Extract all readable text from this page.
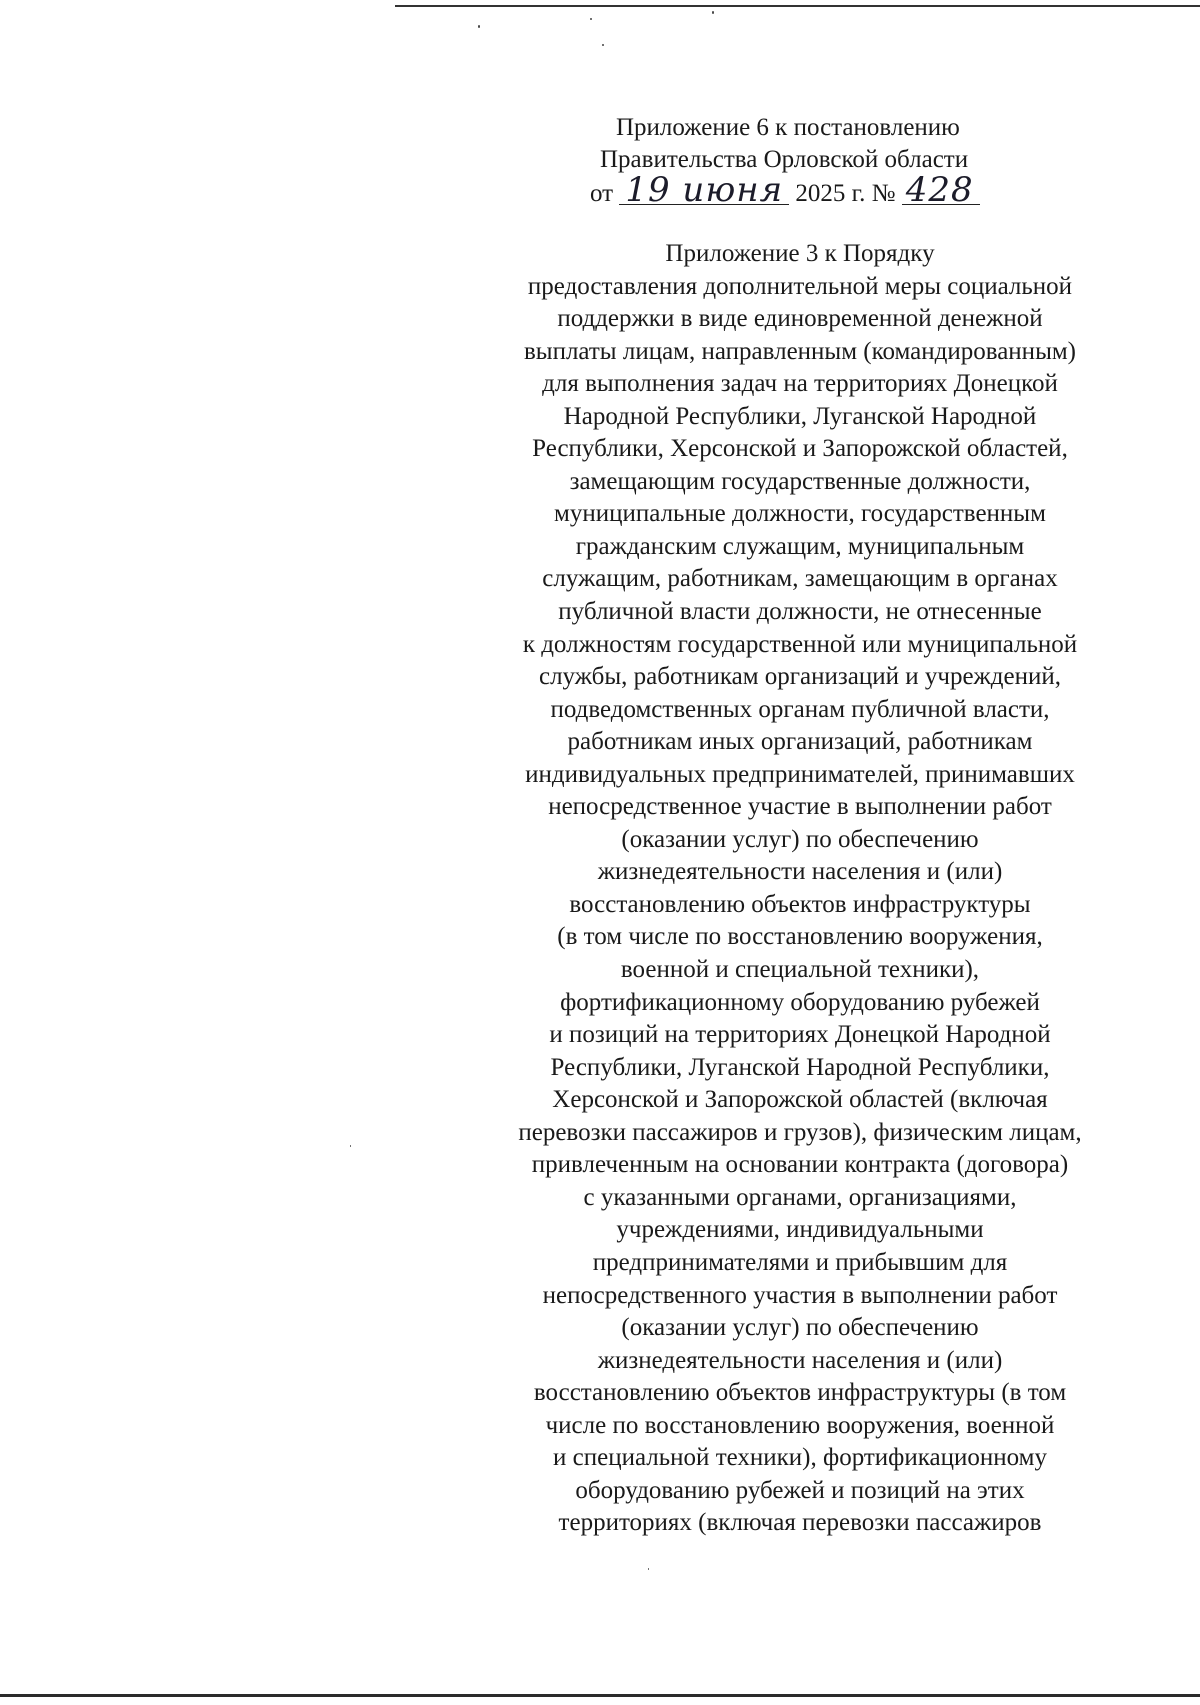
Приложение 6 к постановлению
Правительства Орловской области
от 19 июня 2025 г. № 428
Приложение 3 к Порядку
предоставления дополнительной меры социальной
поддержки в виде единовременной денежной
выплаты лицам, направленным (командированным)
для выполнения задач на территориях Донецкой
Народной Республики, Луганской Народной
Республики, Херсонской и Запорожской областей,
замещающим государственные должности,
муниципальные должности, государственным
гражданским служащим, муниципальным
служащим, работникам, замещающим в органах
публичной власти должности, не отнесенные
к должностям государственной или муниципальной
службы, работникам организаций и учреждений,
подведомственных органам публичной власти,
работникам иных организаций, работникам
индивидуальных предпринимателей, принимавших
непосредственное участие в выполнении работ
(оказании услуг) по обеспечению
жизнедеятельности населения и (или)
восстановлению объектов инфраструктуры
(в том числе по восстановлению вооружения,
военной и специальной техники),
фортификационному оборудованию рубежей
и позиций на территориях Донецкой Народной
Республики, Луганской Народной Республики,
Херсонской и Запорожской областей (включая
перевозки пассажиров и грузов), физическим лицам,
привлеченным на основании контракта (договора)
с указанными органами, организациями,
учреждениями, индивидуальными
предпринимателями и прибывшим для
непосредственного участия в выполнении работ
(оказании услуг) по обеспечению
жизнедеятельности населения и (или)
восстановлению объектов инфраструктуры (в том
числе по восстановлению вооружения, военной
и специальной техники), фортификационному
оборудованию рубежей и позиций на этих
территориях (включая перевозки пассажиров
